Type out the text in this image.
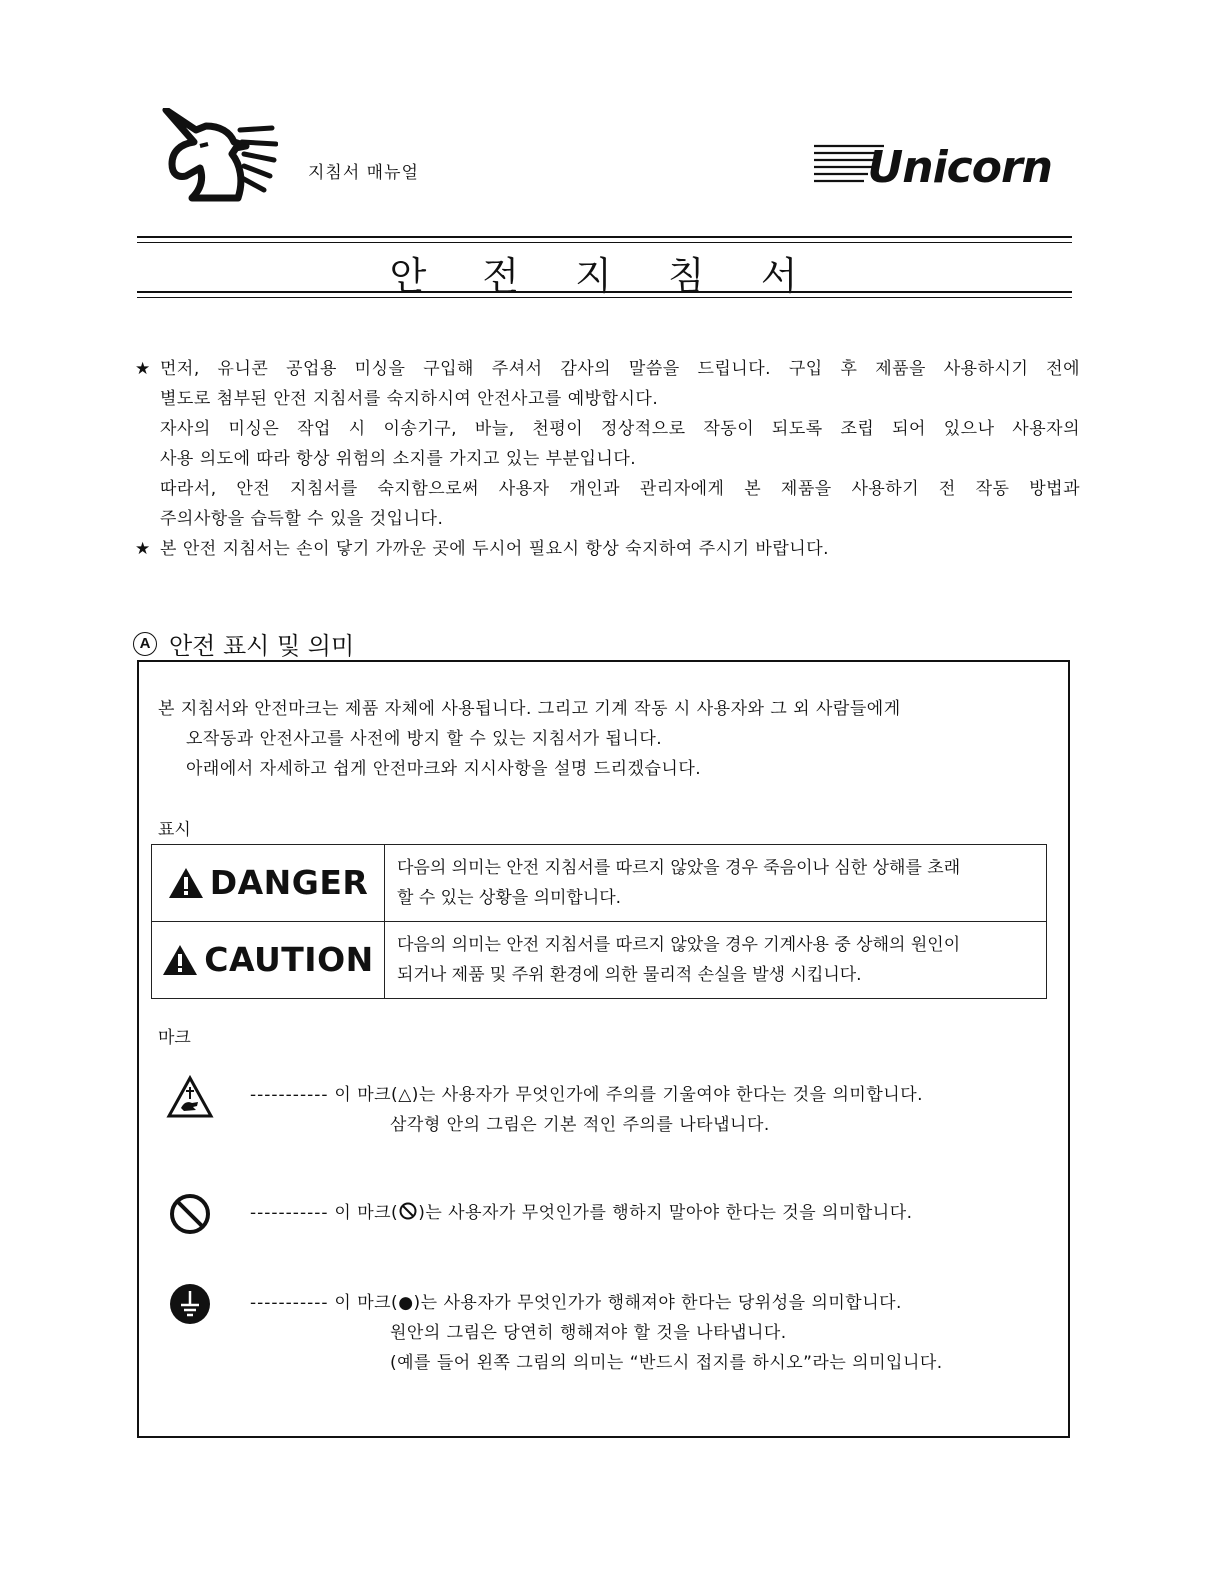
지침서 매뉴얼	Unicorn
안 전 지 침 서
★ 먼저, 유니콘 공업용 미싱을 구입해 주셔서 감사의 말씀을 드립니다. 구입 후 제품을 사용하시기 전에
별도로 첨부된 안전 지침서를 숙지하시여 안전사고를 예방합시다.
자사의 미싱은 작업 시 이송기구, 바늘, 천평이 정상적으로 작동이 되도록 조립 되어 있으나 사용자의
사용 의도에 따라 항상 위험의 소지를 가지고 있는 부분입니다.
따라서, 안전 지침서를 숙지함으로써 사용자 개인과 관리자에게 본 제품을 사용하기 전 작동 방법과
주의사항을 습득할 수 있을 것입니다.
★ 본 안전 지침서는 손이 닿기 가까운 곳에 두시어 필요시 항상 숙지하여 주시기 바랍니다.
A 안전 표시 및 의미
본 지침서와 안전마크는 제품 자체에 사용됩니다. 그리고 기계 작동 시 사용자와 그 외 사람들에게
오작동과 안전사고를 사전에 방지 할 수 있는 지침서가 됩니다.
아래에서 자세하고 쉽게 안전마크와 지시사항을 설명 드리겠습니다.
표시
DANGER	다음의 의미는 안전 지침서를 따르지 않았을 경우 죽음이나 심한 상해를 초래
할 수 있는 상황을 의미합니다.

CAUTION	다음의 의미는 안전 지침서를 따르지 않았을 경우 기계사용 중 상해의 원인이
되거나 제품 및 주위 환경에 의한 물리적 손실을 발생 시킵니다.
마크
----------- 이 마크(△)는 사용자가 무엇인가에 주의를 기울여야 한다는 것을 의미합니다.
삼각형 안의 그림은 기본 적인 주의를 나타냅니다.
----------- 이 마크( )는 사용자가 무엇인가를 행하지 말아야 한다는 것을 의미합니다.
----------- 이 마크(●)는 사용자가 무엇인가가 행해져야 한다는 당위성을 의미합니다.
원안의 그림은 당연히 행해져야 할 것을 나타냅니다.
(예를 들어 왼쪽 그림의 의미는 “반드시 접지를 하시오”라는 의미입니다.
